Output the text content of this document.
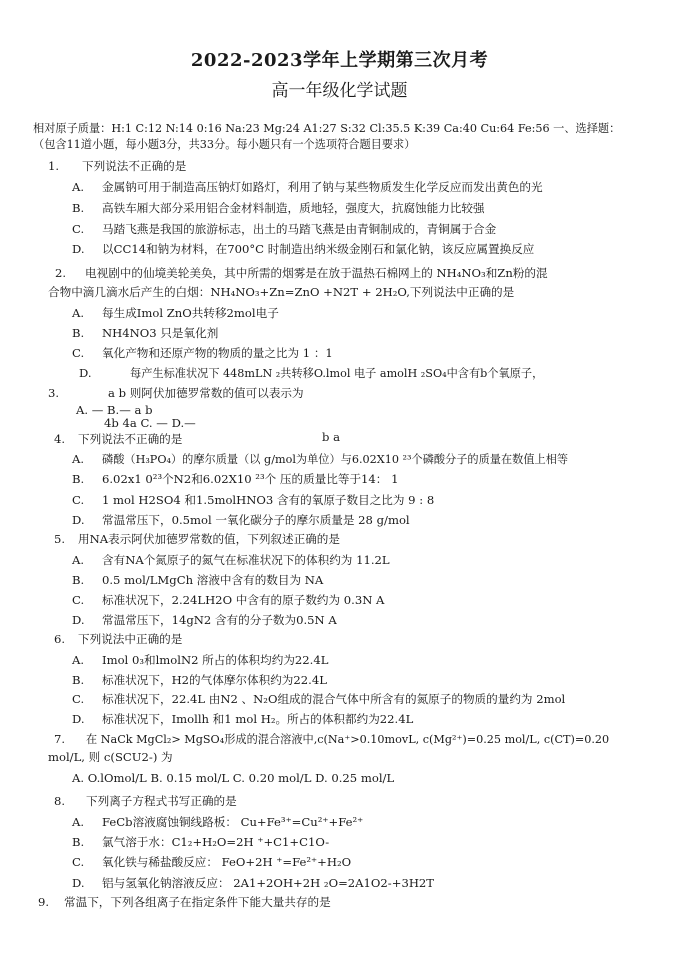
2022-2023学年上学期第三次月考
高一年级化学试题
相对原子质量：H:1 C:12 N:14 0:16 Na:23 Mg:24 A1:27 S:32 Cl:35.5 K:39 Ca:40 Cu:64 Fe:56 一、选择题：
（包含11道小题，每小题3分，共33分。每小题只有一个选项符合题目要求）
1. 下列说法不正确的是
A. 金属钠可用于制造高压钠灯如路灯，利用了钠与某些物质发生化学反应而发出黄色的光
B. 高铁车厢大部分采用铝合金材料制造，质地轻，强度大，抗腐蚀能力比较强
C. 马踏飞燕是我国的旅游标志，出土的马踏飞燕是由青铜制成的，青铜属于合金
D. 以CC14和钠为材料，在700°C 时制造出纳米级金刚石和氯化钠，该反应属置换反应
2. 电视剧中的仙境美轮美奂，其中所需的烟雾是在放于温热石棉网上的 NH₄NO₃和Zn粉的混
合物中滴几滴水后产生的白烟：NH₄NO₃+Zn=ZnO +N2T + 2H₂O,下列说法中正确的是
A. 每生成Imol ZnO共转移2mol电子
B. NH4NO3 只是氧化剂
C. 氧化产物和还原产物的物质的量之比为 1 ：1
D.	每产生标准状况下 448mLN ₂共转移O.lmol 电子 amolH ₂SO₄中含有b个氧原子，
3.	a b 则阿伏加德罗常数的值可以表示为
A. — B.— a b
4b 4a C. — D.—
b a
4. 下列说法不正确的是
A. 磷酸（H₃PO₄）的摩尔质量（以 g/mol为单位）与6.02X10 ²³个磷酸分子的质量在数值上相等
B. 6.02x1 0²³个N2和6.02X10 ²³个 压的质量比等于14： 1
C. 1 mol H2SO4 和1.5molHNO3 含有的氧原子数目之比为 9 : 8
D. 常温常压下，0.5mol 一氧化碳分子的摩尔质量是 28 g/mol
5. 用NA表示阿伏加德罗常数的值，下列叙述正确的是
A. 含有NA个氮原子的氮气在标准状况下的体积约为 11.2L
B. 0.5 mol/LMgCh 溶液中含有的数目为 NA
C. 标准状况下，2.24LH2O 中含有的原子数约为 0.3N A
D. 常温常压下，14gN2 含有的分子数为0.5N A
6. 下列说法中正确的是
A. Imol 0₃和lmolN2 所占的体积均约为22.4L
B. 标准状况下，H2的气体摩尔体积约为22.4L
C. 标准状况下，22.4L 由N2 、N₂O组成的混合气体中所含有的氮原子的物质的量约为 2mol
D. 标准状况下，Imollh 和1 mol H₂。所占的体积都约为22.4L
7. 在 NaCk MgCl₂> MgSO₄形成的混合溶液中,c(Na⁺>0.10movL, c(Mg²⁺)=0.25 mol/L, c(CT)=0.20
mol/L, 则 c(SCU2-) 为
A. O.lOmol/L B. 0.15 mol/L C. 0.20 mol/L D. 0.25 mol/L
8. 下列离子方程式书写正确的是
A. FeCb溶液腐蚀铜线路板： Cu+Fe³⁺=Cu²⁺+Fe²⁺
B. 氯气溶于水：C1₂+H₂O=2H ⁺+C1+C1O-
C. 氧化铁与稀盐酸反应： FeO+2H ⁺=Fe²⁺+H₂O
D. 铝与氢氧化钠溶液反应： 2A1+2OH+2H ₂O=2A1O2-+3H2T
9. 常温下，下列各组离子在指定条件下能大量共存的是
